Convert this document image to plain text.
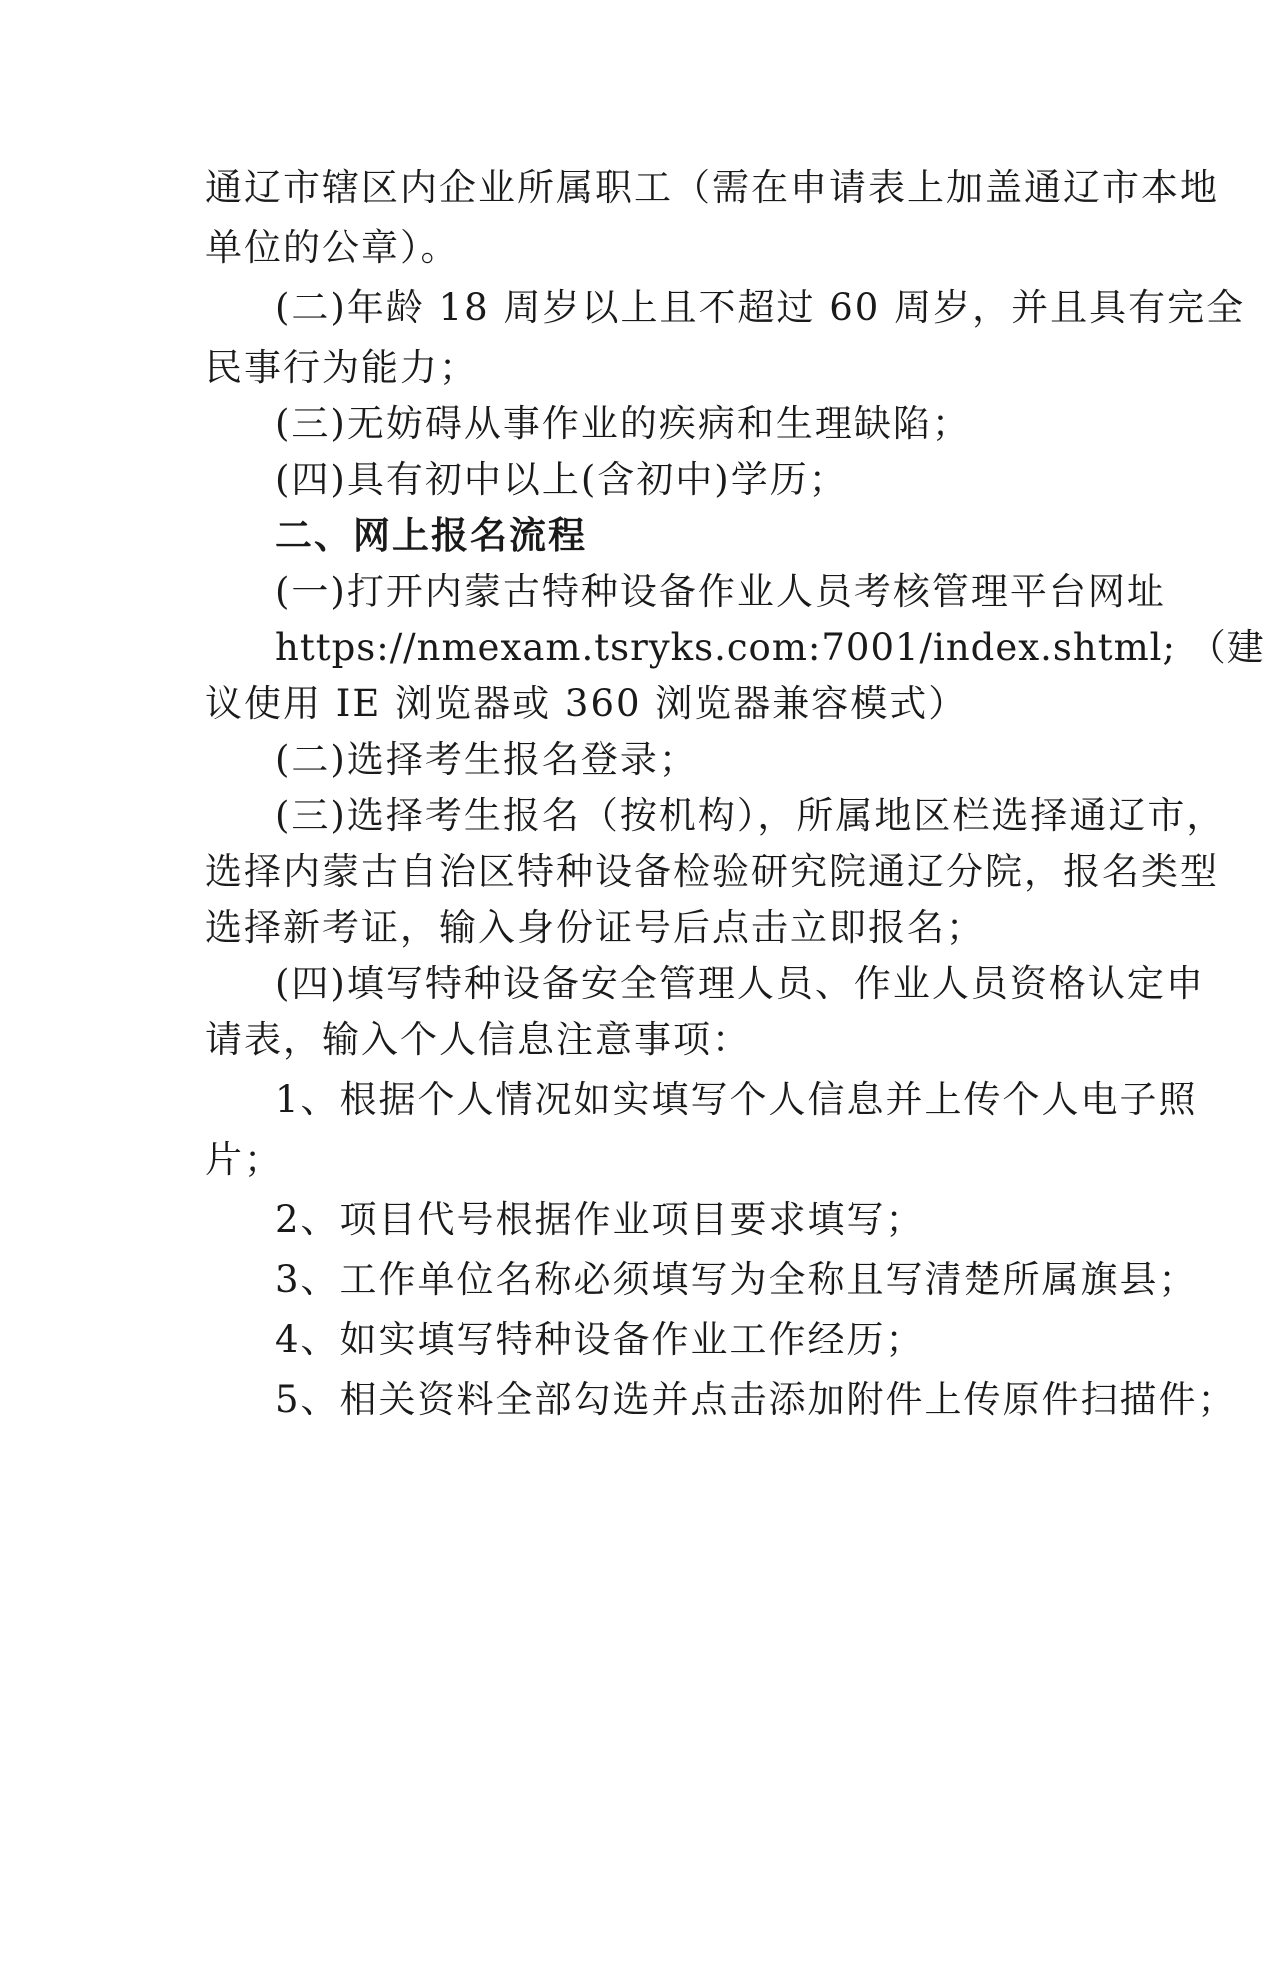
通辽市辖区内企业所属职工（需在申请表上加盖通辽市本地
单位的公章）。
(二)年龄 18 周岁以上且不超过 60 周岁，并且具有完全
民事行为能力；
(三)无妨碍从事作业的疾病和生理缺陷；
(四)具有初中以上(含初中)学历；
二、网上报名流程
(一)打开内蒙古特种设备作业人员考核管理平台网址
https://nmexam.tsryks.com:7001/index.shtml; （建
议使用 IE 浏览器或 360 浏览器兼容模式）
(二)选择考生报名登录；
(三)选择考生报名（按机构），所属地区栏选择通辽市，
选择内蒙古自治区特种设备检验研究院通辽分院，报名类型
选择新考证，输入身份证号后点击立即报名；
(四)填写特种设备安全管理人员、作业人员资格认定申
请表，输入个人信息注意事项：
1、根据个人情况如实填写个人信息并上传个人电子照
片；
2、项目代号根据作业项目要求填写；
3、工作单位名称必须填写为全称且写清楚所属旗县；
4、如实填写特种设备作业工作经历；
5、相关资料全部勾选并点击添加附件上传原件扫描件；
